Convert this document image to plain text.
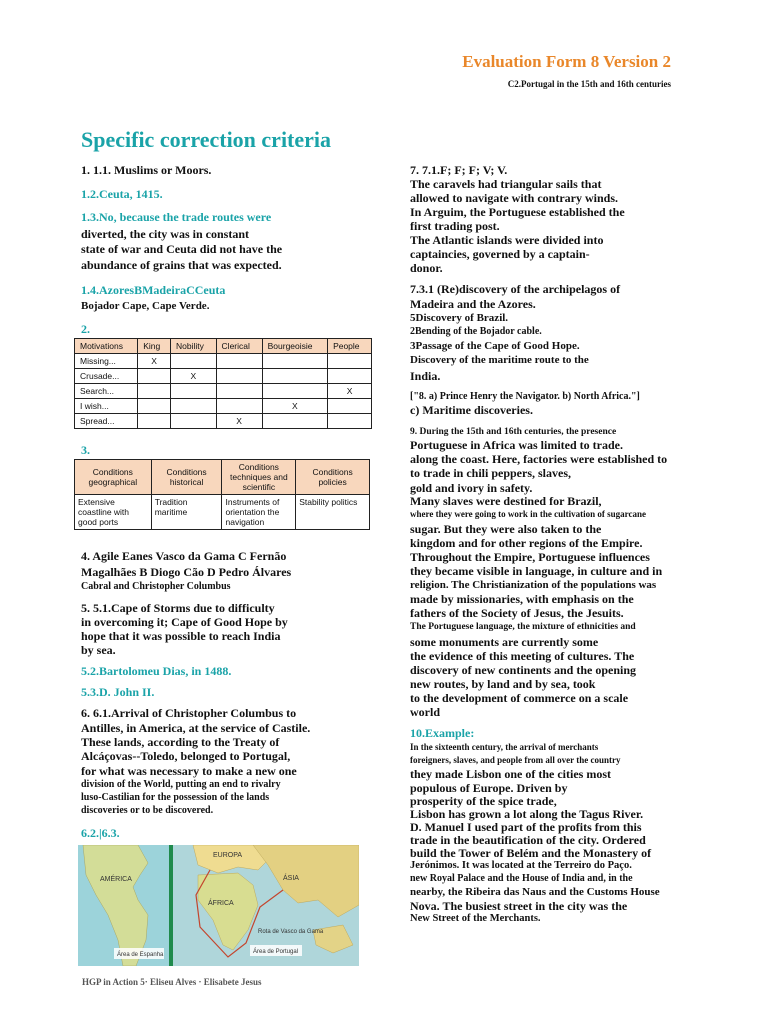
Evaluation Form 8 Version 2
C2.Portugal in the 15th and 16th centuries
Specific correction criteria
1. 1.1. Muslims or Moors.
1.2.Ceuta, 1415.
1.3.No, because the trade routes were
diverted, the city was in constant
state of war and Ceuta did not have the
abundance of grains that was expected.
1.4.AzoresBMadeiraCCeuta
Bojador Cape, Cape Verde.
2.
Motivations	King	Nobility	Clerical	Bourgeoisie	People
Missing...	X				
Crusade...		X			
Search...					X
I wish...				X	
Spread...			X		
3.
Conditions geographical	Conditions historical	Conditions techniques and scientific	Conditions policies
Extensive coastline with good ports	Tradition maritime	Instruments of orientation the navigation	Stability politics
4. Agile Eanes Vasco da Gama C Fernão
Magalhães B Diogo Cão D Pedro Álvares
Cabral and Christopher Columbus
5. 5.1.Cape of Storms due to difficulty
in overcoming it; Cape of Good Hope by
hope that it was possible to reach India
by sea.
5.2.Bartolomeu Dias, in 1488.
5.3.D. John II.
6. 6.1.Arrival of Christopher Columbus to
Antilles, in America, at the service of Castile.
These lands, according to the Treaty of
Alcáçovas--Toledo, belonged to Portugal,
for what was necessary to make a new one
division of the World, putting an end to rivalry
luso-Castilian for the possession of the lands
discoveries or to be discovered.
6.2.|6.3.
AMÉRICA
EUROPA
ÁSIA
ÁFRICA
Rota de Vasco da Gama
Área de Espanha	Área de Portugal
HGP in Action 5· Eliseu Alves · Elisabete Jesus
7. 7.1.F; F; F; V; V.
The caravels had triangular sails that
allowed to navigate with contrary winds.
In Arguim, the Portuguese established the
first trading post.
The Atlantic islands were divided into
captaincies, governed by a captain-
donor.
7.3.1 (Re)discovery of the archipelagos of
Madeira and the Azores.
5Discovery of Brazil.
2Bending of the Bojador cable.
3Passage of the Cape of Good Hope.
Discovery of the maritime route to the
India.
["8. a) Prince Henry the Navigator. b) North Africa."]
c) Maritime discoveries.
9. During the 15th and 16th centuries, the presence
Portuguese in Africa was limited to trade.
along the coast. Here, factories were established to
to trade in chili peppers, slaves,
gold and ivory in safety.
Many slaves were destined for Brazil,
where they were going to work in the cultivation of sugarcane
sugar. But they were also taken to the
kingdom and for other regions of the Empire.
Throughout the Empire, Portuguese influences
they became visible in language, in culture and in
religion. The Christianization of the populations was
made by missionaries, with emphasis on the
fathers of the Society of Jesus, the Jesuits.
The Portuguese language, the mixture of ethnicities and
some monuments are currently some
the evidence of this meeting of cultures. The
discovery of new continents and the opening
new routes, by land and by sea, took
to the development of commerce on a scale
world
10.Example:
In the sixteenth century, the arrival of merchants
foreigners, slaves, and people from all over the country
they made Lisbon one of the cities most
populous of Europe. Driven by
prosperity of the spice trade,
Lisbon has grown a lot along the Tagus River.
D. Manuel I used part of the profits from this
trade in the beautification of the city. Ordered
build the Tower of Belém and the Monastery of
Jerónimos. It was located at the Terreiro do Paço.
new Royal Palace and the House of India and, in the
nearby, the Ribeira das Naus and the Customs House
Nova. The busiest street in the city was the
New Street of the Merchants.
